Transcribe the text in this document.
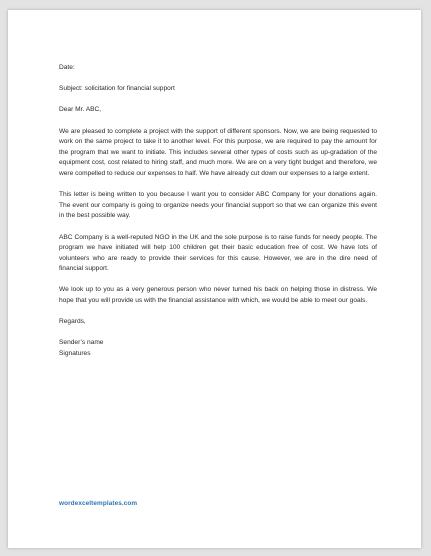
Date:
Subject: solicitation for financial support
Dear Mr. ABC,

We are pleased to complete a project with the support of different sponsors. Now, we are being requested to work on the same project to take it to another level. For this purpose, we are required to pay the amount for the program that we want to initiate. This includes several other types of costs such as up-gradation of the equipment cost, cost related to hiring staff, and much more. We are on a very tight budget and therefore, we were compelled to reduce our expenses to half. We have already cut down our expenses to a large extent.

This letter is being written to you because I want you to consider ABC Company for your donations again. The event our company is going to organize needs your financial support so that we can organize this event in the best possible way.

ABC Company is a well-reputed NGO in the UK and the sole purpose is to raise funds for needy people. The program we have initiated will help 100 children get their basic education free of cost. We have lots of volunteers who are ready to provide their services for this cause. However, we are in the dire need of financial support.

We look up to you as a very generous person who never turned his back on helping those in distress. We hope that you will provide us with the financial assistance with which, we would be able to meet our goals.

Regards,
Sender’s name
Signatures
wordexceltemplates.com
